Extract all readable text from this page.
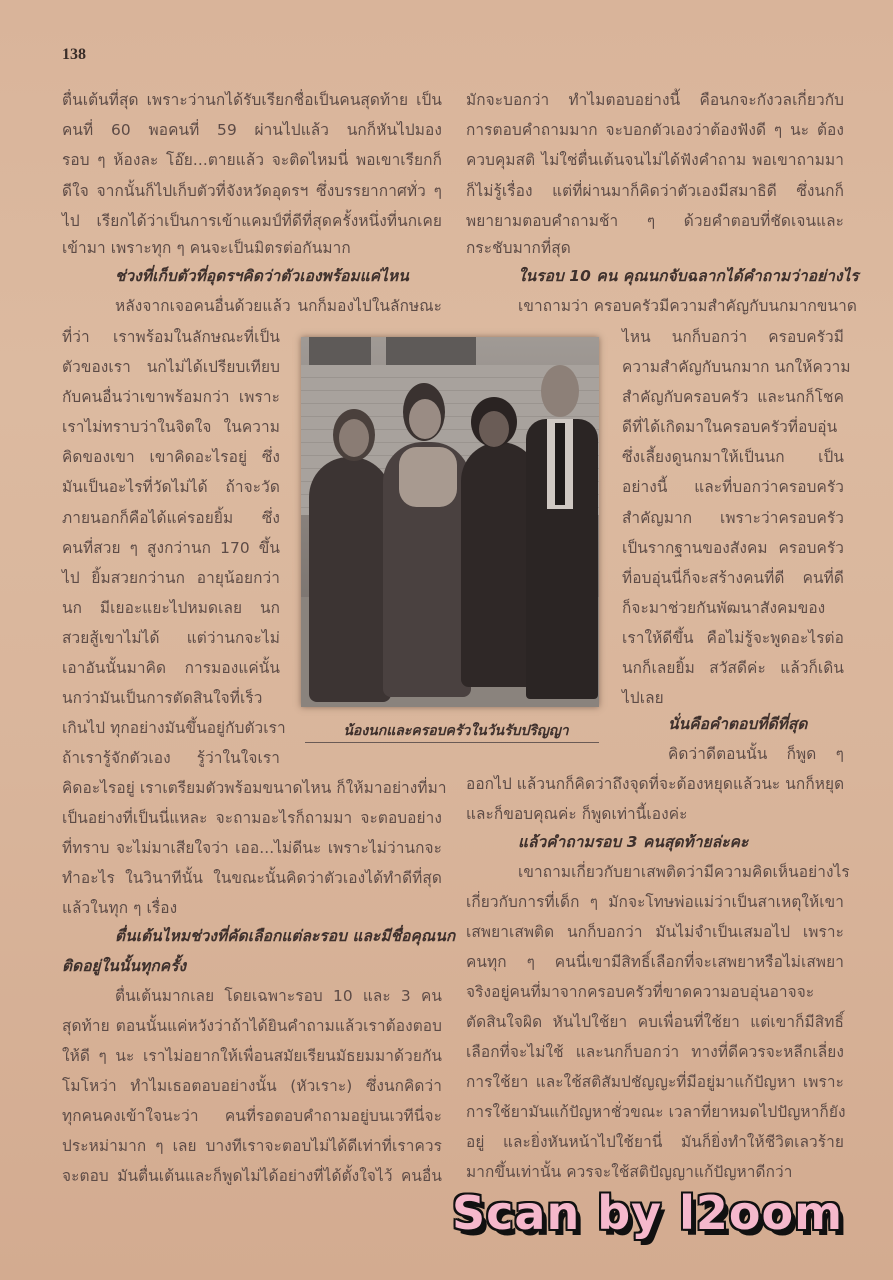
138
ตื่นเต้นที่สุด เพราะว่านกได้รับเรียกชื่อเป็นคนสุดท้าย เป็น
คนที่ 60 พอคนที่ 59 ผ่านไปแล้ว นกก็หันไปมอง
รอบ ๆ ห้องละ โอ๊ย...ตายแล้ว จะติดไหมนี่ พอเขาเรียกก็
ดีใจ จากนั้นก็ไปเก็บตัวที่จังหวัดอุดรฯ ซึ่งบรรยากาศทั่ว ๆ
ไป เรียกได้ว่าเป็นการเข้าแคมป์ที่ดีที่สุดครั้งหนึ่งที่นกเคย
เข้ามา เพราะทุก ๆ คนจะเป็นมิตรต่อกันมาก
ช่วงที่เก็บตัวที่อุดรฯคิดว่าตัวเองพร้อมแค่ไหน
หลังจากเจอคนอื่นด้วยแล้ว นกก็มองไปในลักษณะ
ที่ว่า เราพร้อมในลักษณะที่เป็น
ตัวของเรา นกไม่ได้เปรียบเทียบ
กับคนอื่นว่าเขาพร้อมกว่า เพราะ
เราไม่ทราบว่าในจิตใจ ในความ
คิดของเขา เขาคิดอะไรอยู่ ซึ่ง
มันเป็นอะไรที่วัดไม่ได้ ถ้าจะวัด
ภายนอกก็คือได้แค่รอยยิ้ม ซึ่ง
คนที่สวย ๆ สูงกว่านก 170 ขึ้น
ไป ยิ้มสวยกว่านก อายุน้อยกว่า
นก มีเยอะแยะไปหมดเลย นก
สวยสู้เขาไม่ได้ แต่ว่านกจะไม่
เอาอันนั้นมาคิด การมองแค่นั้น
นกว่ามันเป็นการตัดสินใจที่เร็ว
เกินไป ทุกอย่างมันขึ้นอยู่กับตัวเรา
ถ้าเรารู้จักตัวเอง รู้ว่าในใจเรา
คิดอะไรอยู่ เราเตรียมตัวพร้อมขนาดไหน ก็ให้มาอย่างที่มา
เป็นอย่างที่เป็นนี่แหละ จะถามอะไรก็ถามมา จะตอบอย่าง
ที่ทราบ จะไม่มาเสียใจว่า เออ...ไม่ดีนะ เพราะไม่ว่านกจะ
ทำอะไร ในวินาทีนั้น ในขณะนั้นคิดว่าตัวเองได้ทำดีที่สุด
แล้วในทุก ๆ เรื่อง
ตื่นเต้นไหมช่วงที่คัดเลือกแต่ละรอบ และมีชื่อคุณนก
ติดอยู่ในนั้นทุกครั้ง
ตื่นเต้นมากเลย โดยเฉพาะรอบ 10 และ 3 คน
สุดท้าย ตอนนั้นแค่หวังว่าถ้าได้ยินคำถามแล้วเราต้องตอบ
ให้ดี ๆ นะ เราไม่อยากให้เพื่อนสมัยเรียนมัธยมมาด้วยกัน
โมโหว่า ทำไมเธอตอบอย่างนั้น (หัวเราะ) ซึ่งนกคิดว่า
ทุกคนคงเข้าใจนะว่า คนที่รอตอบคำถามอยู่บนเวทีนี่จะ
ประหม่ามาก ๆ เลย บางทีเราจะตอบไม่ได้ดีเท่าที่เราควร
จะตอบ มันตื่นเต้นและก็พูดไม่ได้อย่างที่ได้ตั้งใจไว้ คนอื่น
มักจะบอกว่า ทำไมตอบอย่างนี้ คือนกจะกังวลเกี่ยวกับ
การตอบคำถามมาก จะบอกตัวเองว่าต้องฟังดี ๆ นะ ต้อง
ควบคุมสติ ไม่ใช่ตื่นเต้นจนไม่ได้ฟังคำถาม พอเขาถามมา
ก็ไม่รู้เรื่อง แต่ที่ผ่านมาก็คิดว่าตัวเองมีสมาธิดี ซึ่งนกก็
พยายามตอบคำถามช้า ๆ ด้วยคำตอบที่ชัดเจนและ
กระชับมากที่สุด
ในรอบ 10 คน คุณนกจับฉลากได้คำถามว่าอย่างไร
เขาถามว่า ครอบครัวมีความสำคัญกับนกมากขนาด
ไหน นกก็บอกว่า ครอบครัวมี
ความสำคัญกับนกมาก นกให้ความ
สำคัญกับครอบครัว และนกก็โชค
ดีที่ได้เกิดมาในครอบครัวที่อบอุ่น
ซึ่งเลี้ยงดูนกมาให้เป็นนก เป็น
อย่างนี้ และที่บอกว่าครอบครัว
สำคัญมาก เพราะว่าครอบครัว
เป็นรากฐานของสังคม ครอบครัว
ที่อบอุ่นนี่ก็จะสร้างคนที่ดี คนที่ดี
ก็จะมาช่วยกันพัฒนาสังคมของ
เราให้ดีขึ้น คือไม่รู้จะพูดอะไรต่อ
นกก็เลยยิ้ม สวัสดีค่ะ แล้วก็เดิน
ไปเลย
นั่นคือคำตอบที่ดีที่สุด
คิดว่าดีตอนนั้น ก็พูด ๆ
ออกไป แล้วนกก็คิดว่าถึงจุดที่จะต้องหยุดแล้วนะ นกก็หยุด
และก็ขอบคุณค่ะ ก็พูดเท่านี้เองค่ะ
แล้วคำถามรอบ 3 คนสุดท้ายล่ะคะ
เขาถามเกี่ยวกับยาเสพติดว่ามีความคิดเห็นอย่างไร
เกี่ยวกับการที่เด็ก ๆ มักจะโทษพ่อแม่ว่าเป็นสาเหตุให้เขา
เสพยาเสพติด นกก็บอกว่า มันไม่จำเป็นเสมอไป เพราะ
คนทุก ๆ คนนี่เขามีสิทธิ์เลือกที่จะเสพยาหรือไม่เสพยา
จริงอยู่คนที่มาจากครอบครัวที่ขาดความอบอุ่นอาจจะ
ตัดสินใจผิด หันไปใช้ยา คบเพื่อนที่ใช้ยา แต่เขาก็มีสิทธิ์
เลือกที่จะไม่ใช้ และนกก็บอกว่า ทางที่ดีควรจะหลีกเลี่ยง
การใช้ยา และใช้สติสัมปชัญญะที่มีอยู่มาแก้ปัญหา เพราะ
การใช้ยามันแก้ปัญหาชั่วขณะ เวลาที่ยาหมดไปปัญหาก็ยัง
อยู่ และยิ่งหันหน้าไปใช้ยานี่ มันก็ยิ่งทำให้ชีวิตเลวร้าย
มากขึ้นเท่านั้น ควรจะใช้สติปัญญาแก้ปัญหาดีกว่า
น้องนกและครอบครัวในวันรับปริญญา
Scan by l2oom
